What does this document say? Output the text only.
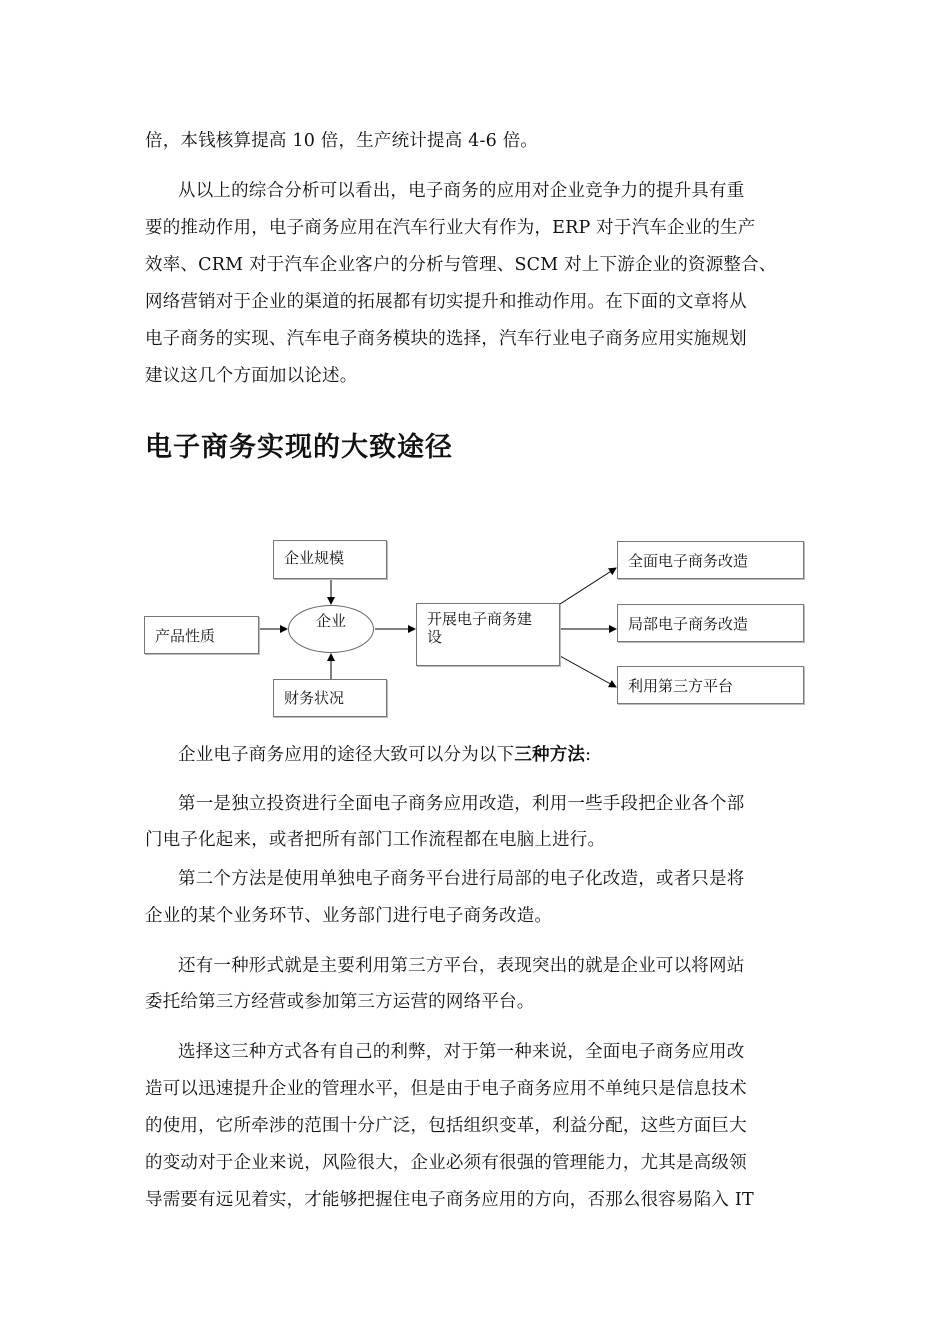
倍，本钱核算提高 10 倍，生产统计提高 4-6 倍。
从以上的综合分析可以看出，电子商务的应用对企业竞争力的提升具有重
要的推动作用，电子商务应用在汽车行业大有作为，ERP 对于汽车企业的生产
效率、CRM 对于汽车企业客户的分析与管理、SCM 对上下游企业的资源整合、
网络营销对于企业的渠道的拓展都有切实提升和推动作用。在下面的文章将从
电子商务的实现、汽车电子商务模块的选择，汽车行业电子商务应用实施规划
建议这几个方面加以论述。
电子商务实现的大致途径
企业规模
产品性质
财务状况
企业	开展电子商务建
设
全面电子商务改造
局部电子商务改造
利用第三方平台
企业电子商务应用的途径大致可以分为以下三种方法:
第一是独立投资进行全面电子商务应用改造，利用一些手段把企业各个部
门电子化起来，或者把所有部门工作流程都在电脑上进行。
第二个方法是使用单独电子商务平台进行局部的电子化改造，或者只是将
企业的某个业务环节、业务部门进行电子商务改造。
还有一种形式就是主要利用第三方平台，表现突出的就是企业可以将网站
委托给第三方经营或参加第三方运营的网络平台。
选择这三种方式各有自己的利弊，对于第一种来说，全面电子商务应用改
造可以迅速提升企业的管理水平，但是由于电子商务应用不单纯只是信息技术
的使用，它所牵涉的范围十分广泛，包括组织变革，利益分配，这些方面巨大
的变动对于企业来说，风险很大，企业必须有很强的管理能力，尤其是高级领
导需要有远见着实，才能够把握住电子商务应用的方向，否那么很容易陷入 IT
